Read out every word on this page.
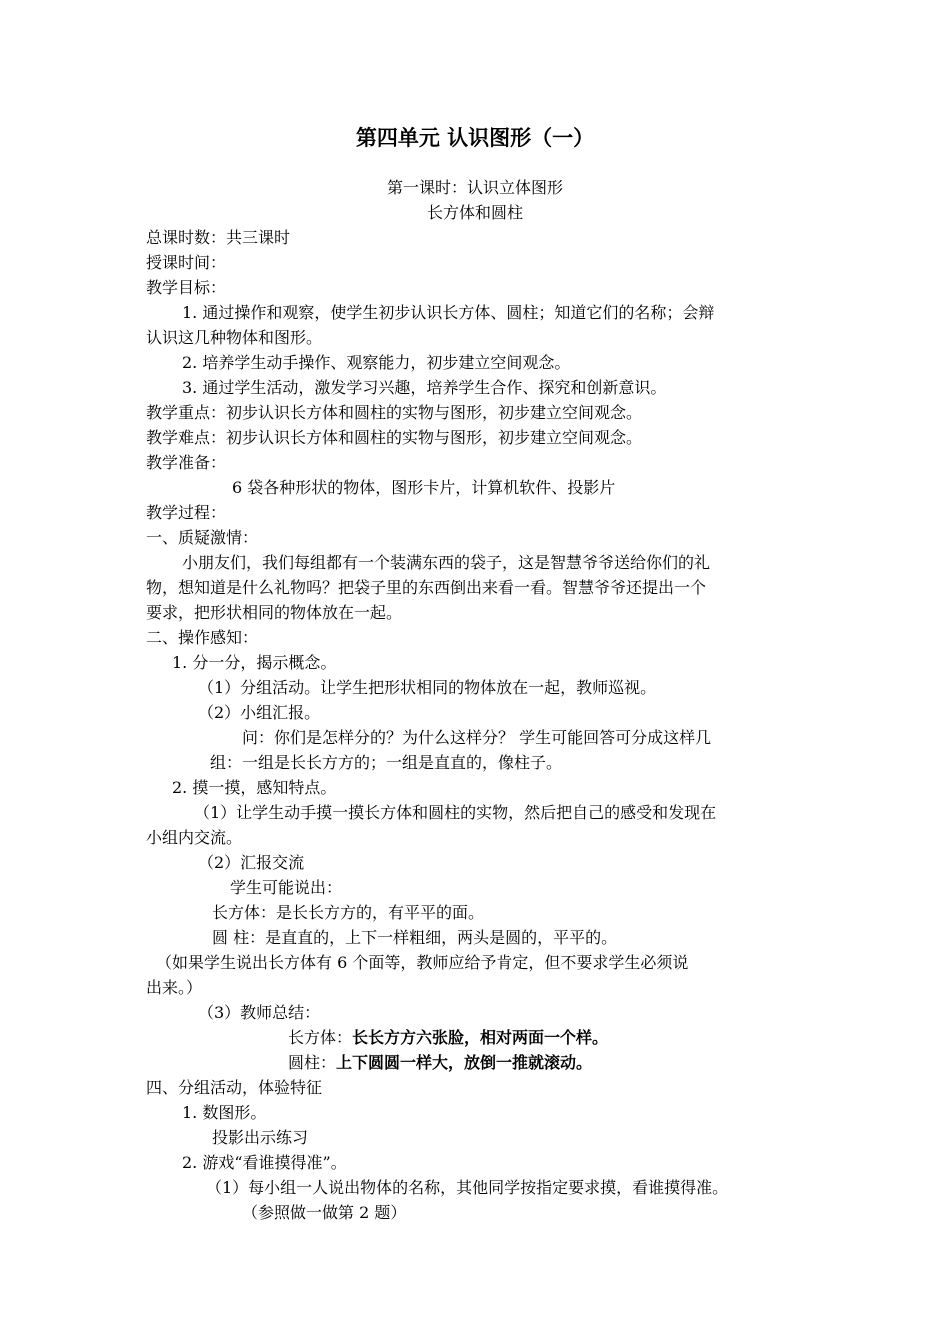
第四单元 认识图形（一）
第一课时：认识立体图形
长方体和圆柱
总课时数：共三课时
授课时间：
教学目标：
1. 通过操作和观察，使学生初步认识长方体、圆柱；知道它们的名称；会辩
认识这几种物体和图形。
2. 培养学生动手操作、观察能力，初步建立空间观念。
3. 通过学生活动，激发学习兴趣，培养学生合作、探究和创新意识。
教学重点：初步认识长方体和圆柱的实物与图形，初步建立空间观念。
教学难点：初步认识长方体和圆柱的实物与图形，初步建立空间观念。
教学准备：
6 袋各种形状的物体，图形卡片，计算机软件、投影片
教学过程：
一、质疑激情：
小朋友们，我们每组都有一个装满东西的袋子，这是智慧爷爷送给你们的礼
物，想知道是什么礼物吗？把袋子里的东西倒出来看一看。智慧爷爷还提出一个
要求，把形状相同的物体放在一起。
二、操作感知：
1. 分一分，揭示概念。
（1）分组活动。让学生把形状相同的物体放在一起，教师巡视。
（2）小组汇报。
问：你们是怎样分的？为什么这样分？ 学生可能回答可分成这样几
组：一组是长长方方的；一组是直直的，像柱子。
2. 摸一摸，感知特点。
（1）让学生动手摸一摸长方体和圆柱的实物，然后把自己的感受和发现在
小组内交流。
（2）汇报交流
学生可能说出：
长方体：是长长方方的，有平平的面。
圆 柱：是直直的，上下一样粗细，两头是圆的，平平的。
（如果学生说出长方体有 6 个面等，教师应给予肯定，但不要求学生必须说
出来。）
（3）教师总结：
长方体：长长方方六张脸，相对两面一个样。
圆柱：上下圆圆一样大，放倒一推就滚动。
四、分组活动，体验特征
1. 数图形。
投影出示练习
2. 游戏“看谁摸得准”。
（1）每小组一人说出物体的名称，其他同学按指定要求摸，看谁摸得准。
（参照做一做第 2 题）
